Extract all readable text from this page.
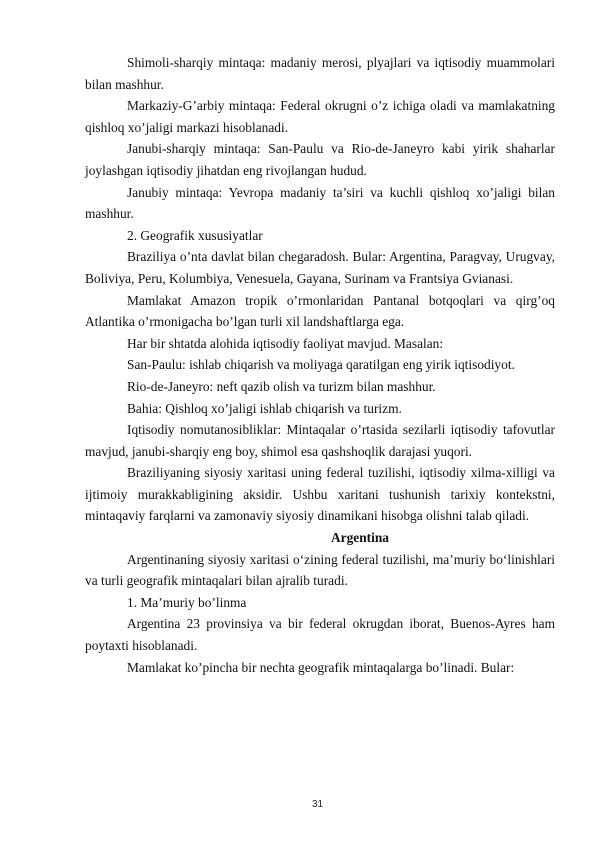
Shimoli-sharqiy mintaqa: madaniy merosi, plyajlari va iqtisodiy muammolari bilan mashhur.

Markaziy-G’arbiy mintaqa: Federal okrugni o’z ichiga oladi va mamlakatning qishloq xo’jaligi markazi hisoblanadi.

Janubi-sharqiy mintaqa: San-Paulu va Rio-de-Janeyro kabi yirik shaharlar joylashgan iqtisodiy jihatdan eng rivojlangan hudud.

Janubiy mintaqa: Yevropa madaniy ta’siri va kuchli qishloq xo’jaligi bilan mashhur.

2. Geografik xususiyatlar

Braziliya o’nta davlat bilan chegaradosh. Bular: Argentina, Paragvay, Urugvay, Boliviya, Peru, Kolumbiya, Venesuela, Gayana, Surinam va Frantsiya Gvianasi.

Mamlakat Amazon tropik o’rmonlaridan Pantanal botqoqlari va qirg’oq Atlantika o’rmonigacha bo’lgan turli xil landshaftlarga ega.

Har bir shtatda alohida iqtisodiy faoliyat mavjud. Masalan:

San-Paulu: ishlab chiqarish va moliyaga qaratilgan eng yirik iqtisodiyot.

Rio-de-Janeyro: neft qazib olish va turizm bilan mashhur.

Bahia: Qishloq xo’jaligi ishlab chiqarish va turizm.

Iqtisodiy nomutanosibliklar: Mintaqalar o’rtasida sezilarli iqtisodiy tafovutlar mavjud, janubi-sharqiy eng boy, shimol esa qashshoqlik darajasi yuqori.

Braziliyaning siyosiy xaritasi uning federal tuzilishi, iqtisodiy xilma-xilligi va ijtimoiy murakkabligining aksidir. Ushbu xaritani tushunish tarixiy kontekstni, mintaqaviy farqlarni va zamonaviy siyosiy dinamikani hisobga olishni talab qiladi.

Argentina

Argentinaning siyosiy xaritasi o‘zining federal tuzilishi, ma’muriy bo‘linishlari va turli geografik mintaqalari bilan ajralib turadi.

1. Ma’muriy bo’linma

Argentina 23 provinsiya va bir federal okrugdan iborat, Buenos-Ayres ham poytaxti hisoblanadi.

Mamlakat ko’pincha bir nechta geografik mintaqalarga bo’linadi. Bular:

31
